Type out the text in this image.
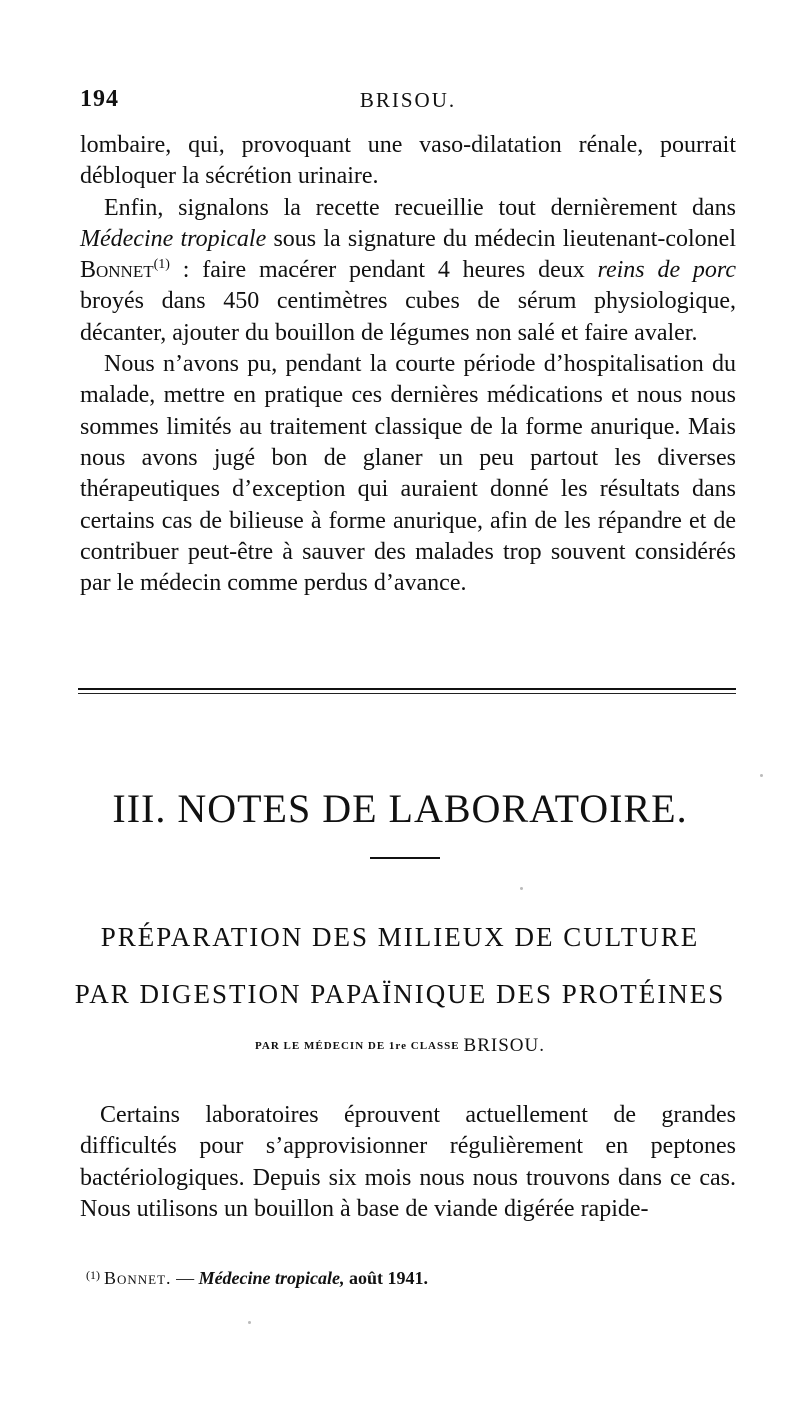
194	BRISOU.

lombaire, qui, provoquant une vaso-dilatation rénale, pourrait débloquer la sécrétion urinaire.

Enfin, signalons la recette recueillie tout dernièrement dans Médecine tropicale sous la signature du médecin lieutenant-colonel Bonnet$^{(1)}$ : faire macérer pendant 4 heures deux reins de porc broyés dans 450 centimètres cubes de sérum physiologique, décanter, ajouter du bouillon de légumes non salé et faire avaler.

Nous n’avons pu, pendant la courte période d’hospitalisation du malade, mettre en pratique ces dernières médications et nous nous sommes limités au traitement classique de la forme anurique. Mais nous avons jugé bon de glaner un peu partout les diverses thérapeutiques d’exception qui auraient donné les résultats dans certains cas de bilieuse à forme anurique, afin de les répandre et de contribuer peut-être à sauver des malades trop souvent considérés par le médecin comme perdus d’avance.

III. NOTES DE LABORATOIRE.
PRÉPARATION DES MILIEUX DE CULTURE
PAR DIGESTION PAPAÏNIQUE DES PROTÉINES
PAR LE MÉDECIN DE 1re CLASSE BRISOU.

Certains laboratoires éprouvent actuellement de grandes difficultés pour s’approvisionner régulièrement en peptones bactériologiques. Depuis six mois nous nous trouvons dans ce cas. Nous utilisons un bouillon à base de viande digérée rapide-

$^{(1)}$ Bonnet. — Médecine tropicale, août 1941.
